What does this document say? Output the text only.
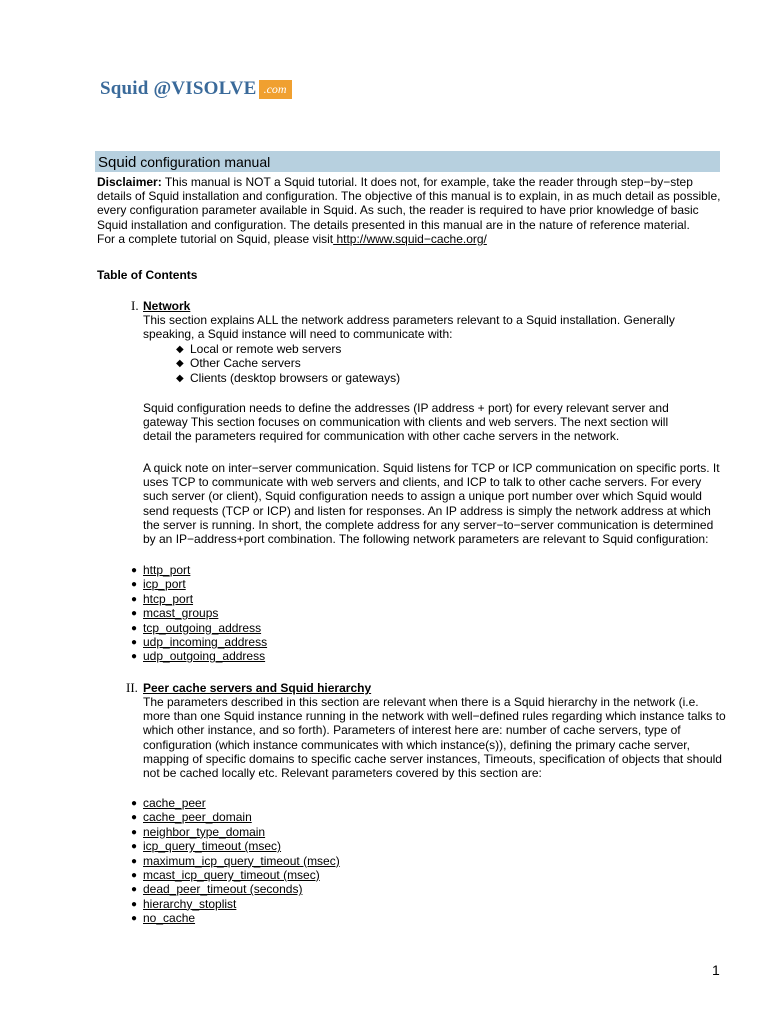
Squid @VISOLVE .com
Squid configuration manual
Disclaimer: This manual is NOT a Squid tutorial. It does not, for example, take the reader through step−by−step
details of Squid installation and configuration. The objective of this manual is to explain, in as much detail as possible,
every configuration parameter available in Squid. As such, the reader is required to have prior knowledge of basic
Squid installation and configuration. The details presented in this manual are in the nature of reference material.
For a complete tutorial on Squid, please visit http://www.squid−cache.org/
Table of Contents
I. Network
This section explains ALL the network address parameters relevant to a Squid installation. Generally
speaking, a Squid instance will need to communicate with:
◆ Local or remote web servers
◆ Other Cache servers
◆ Clients (desktop browsers or gateways)
Squid configuration needs to define the addresses (IP address + port) for every relevant server and
gateway This section focuses on communication with clients and web servers. The next section will
detail the parameters required for communication with other cache servers in the network.
A quick note on inter−server communication. Squid listens for TCP or ICP communication on specific ports. It
uses TCP to communicate with web servers and clients, and ICP to talk to other cache servers. For every
such server (or client), Squid configuration needs to assign a unique port number over which Squid would
send requests (TCP or ICP) and listen for responses. An IP address is simply the network address at which
the server is running. In short, the complete address for any server−to−server communication is determined
by an IP−address+port combination. The following network parameters are relevant to Squid configuration:
● http_port
● icp_port
● htcp_port
● mcast_groups
● tcp_outgoing_address
● udp_incoming_address
● udp_outgoing_address
II. Peer cache servers and Squid hierarchy
The parameters described in this section are relevant when there is a Squid hierarchy in the network (i.e.
more than one Squid instance running in the network with well−defined rules regarding which instance talks to
which other instance, and so forth). Parameters of interest here are: number of cache servers, type of
configuration (which instance communicates with which instance(s)), defining the primary cache server,
mapping of specific domains to specific cache server instances, Timeouts, specification of objects that should
not be cached locally etc. Relevant parameters covered by this section are:
● cache_peer
● cache_peer_domain
● neighbor_type_domain
● icp_query_timeout (msec)
● maximum_icp_query_timeout (msec)
● mcast_icp_query_timeout (msec)
● dead_peer_timeout (seconds)
● hierarchy_stoplist
● no_cache
1
